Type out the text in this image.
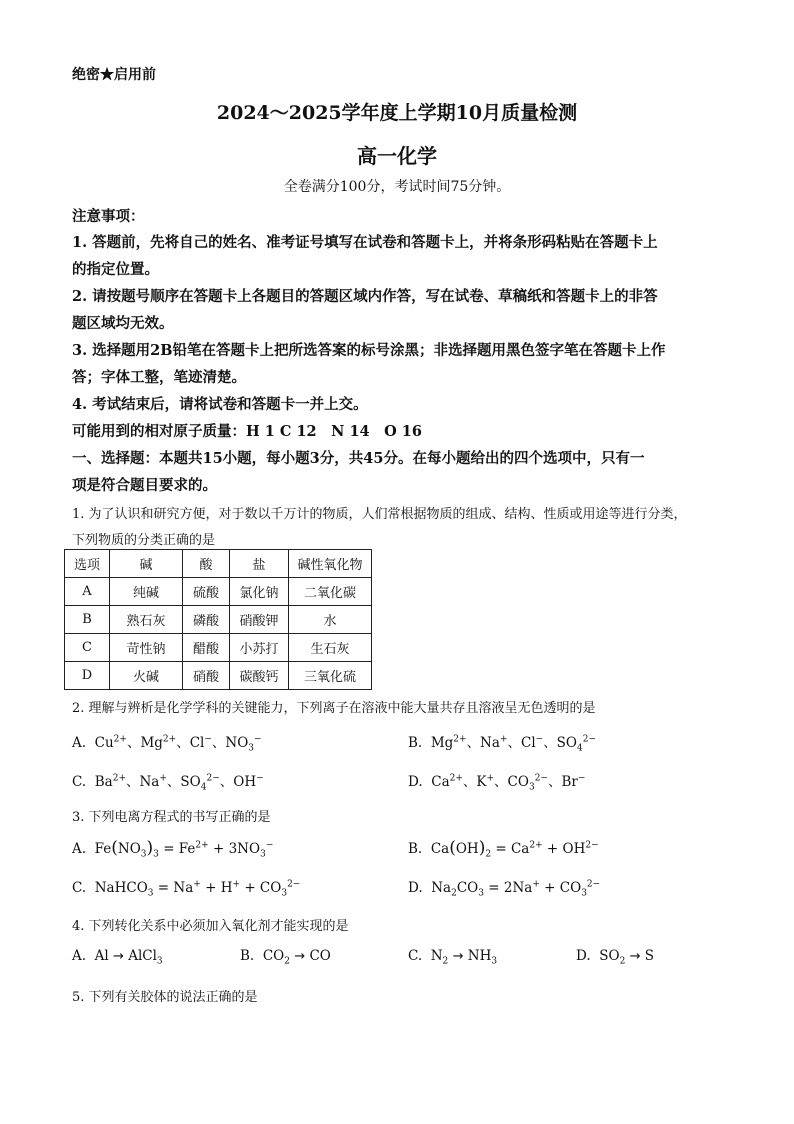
绝密★启用前
2024～2025学年度上学期10月质量检测
高一化学
全卷满分100分，考试时间75分钟。
注意事项：
1. 答题前，先将自己的姓名、准考证号填写在试卷和答题卡上，并将条形码粘贴在答题卡上
的指定位置。
2. 请按题号顺序在答题卡上各题目的答题区域内作答，写在试卷、草稿纸和答题卡上的非答
题区域均无效。
3. 选择题用2B铅笔在答题卡上把所选答案的标号涂黑；非选择题用黑色签字笔在答题卡上作
答；字体工整，笔迹清楚。
4. 考试结束后，请将试卷和答题卡一并上交。
可能用到的相对原子质量：H 1 C 12　N 14　O 16
一、选择题：本题共15小题，每小题3分，共45分。在每小题给出的四个选项中，只有一
项是符合题目要求的。
1. 为了认识和研究方便，对于数以千万计的物质，人们常根据物质的组成、结构、性质或用途等进行分类，
下列物质的分类正确的是
选项	碱	酸	盐	碱性氧化物
A	纯碱	硫酸	氯化钠	二氧化碳
B	熟石灰	磷酸	硝酸钾	水
C	苛性钠	醋酸	小苏打	生石灰
D	火碱	硝酸	碳酸钙	三氧化硫
2. 理解与辨析是化学学科的关键能力，下列离子在溶液中能大量共存且溶液呈无色透明的是
A. $Cu^{2+}$、$Mg^{2+}$、Cl−、$NO_3^-$	B. $Mg^{2+}$、Na+、Cl−、$SO_4^{2-}$
C. $Ba^{2+}$、Na+、$SO_4^{2-}$、OH−	D. $Ca^{2+}$、K+、$CO_3^{2-}$、Br−
3. 下列电离方程式的书写正确的是
A. $Fe(NO_3)_3 = Fe^{2+} + 3NO_3^-$	B. $Ca(OH)_2 = Ca^{2+} + OH^{2-}$
C. NaHCO$_3$ = $Na^+ + H^+ + CO_3^{2-}$	D. $Na_2CO_3 = 2Na^+ + CO_3^{2-}$
4. 下列转化关系中必须加入氧化剂才能实现的是
A. Al → AlCl$_3$	B. $CO_2$ → CO	C. $N_2 \to NH_3$	D. $SO_2 \to S$
5. 下列有关胶体的说法正确的是
